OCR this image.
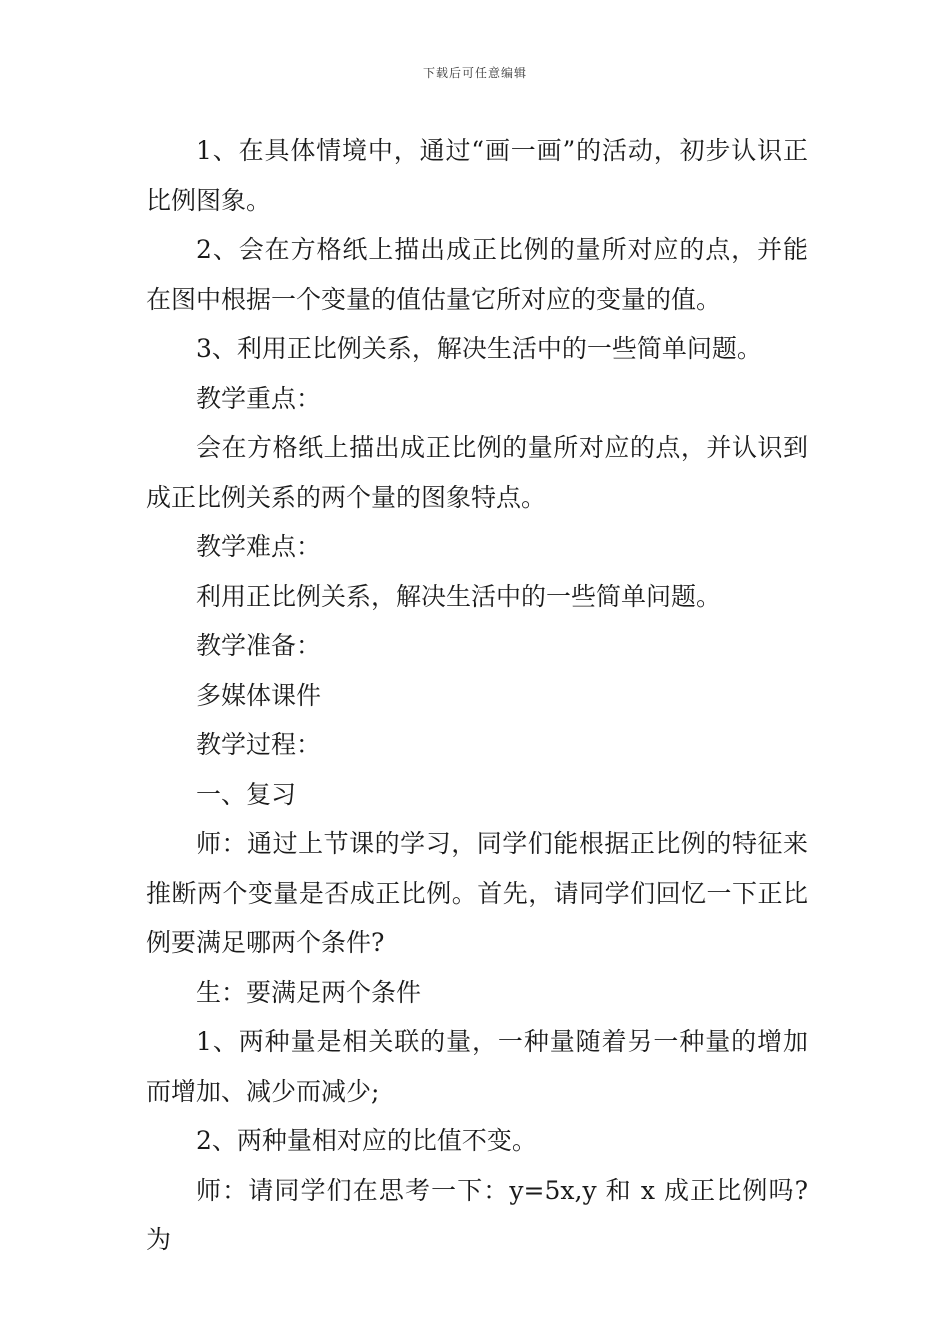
下载后可任意编辑

1、在具体情境中，通过“画一画”的活动，初步认识正比例图象。

2、会在方格纸上描出成正比例的量所对应的点，并能在图中根据一个变量的值估量它所对应的变量的值。

3、利用正比例关系，解决生活中的一些简单问题。

教学重点：

会在方格纸上描出成正比例的量所对应的点，并认识到成正比例关系的两个量的图象特点。

教学难点：

利用正比例关系，解决生活中的一些简单问题。

教学准备：

多媒体课件

教学过程：

一、复习

师：通过上节课的学习，同学们能根据正比例的特征来推断两个变量是否成正比例。首先，请同学们回忆一下正比例要满足哪两个条件?

生：要满足两个条件

1、两种量是相关联的量，一种量随着另一种量的增加而增加、减少而减少;

2、两种量相对应的比值不变。

师：请同学们在思考一下：y=5x,y 和 x 成正比例吗?为
